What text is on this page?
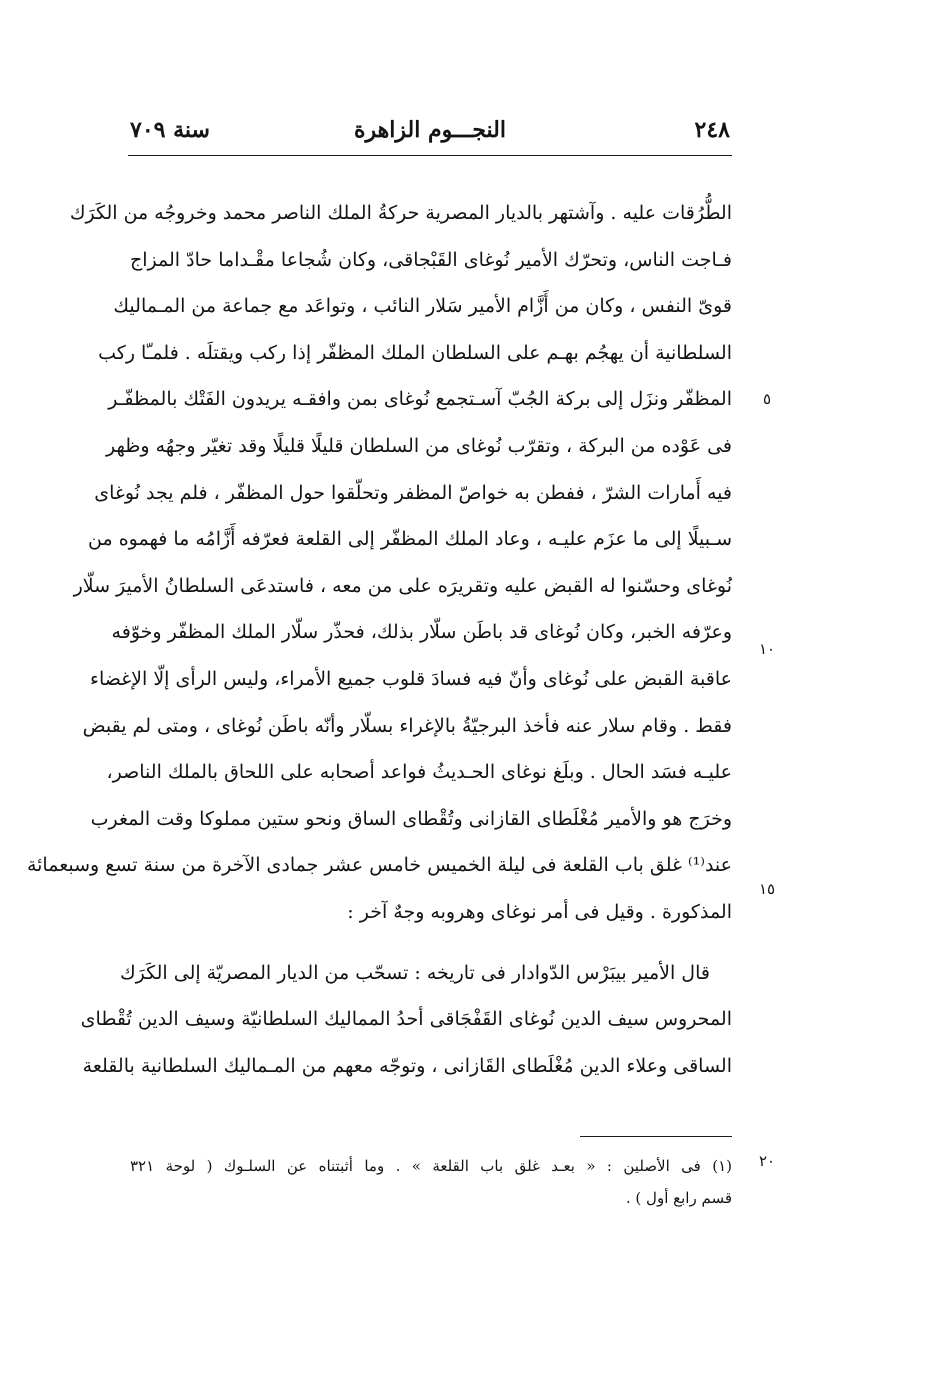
٢٤٨
النجـــوم الزاهرة
سنة ٧٠٩
الطُّرُقات عليه . وآشتهر بالديار المصرية حركةُ الملك الناصر محمد وخروجُه من الكَرَك
فـاجت الناس، وتحرّك الأمير نُوغاى القَبْجاقى، وكان شُجاعا مقْـداما حادّ المزاج
قوىّ النفس ، وكان من أَزَّام الأمير سَلار النائب ، وتواعَد مع جماعة من المـماليك
السلطانية أن يهجُم بهـم على السلطان الملك المظفّر إذا ركب ويقتلَه . فلمـّا ركب
المظفّر ونزَل إلى بركة الجُبّ آسـتجمع نُوغاى بمن وافقـه يريدون الفَتْك بالمظفّـر
فى عَوْده من البركة ، وتقرّب نُوغاى من السلطان قليلًا قليلًا وقد تغيّر وجهُه وظهر
فيه أَمارات الشرّ ، ففطن به خواصّ المظفر وتحلّقوا حول المظفّر ، فلم يجد نُوغاى
سـبيلًا إلى ما عزَم عليـه ، وعاد الملك المظفّر إلى القلعة فعرّفه أَزَّامُه ما فهموه من
نُوغاى وحسّنوا له القبض عليه وتقريرَه على من معه ، فاستدعَى السلطانُ الأميرَ سلّار
وعرّفه الخبر، وكان نُوغاى قد باطَن سلّار بذلك، فحذّر سلّار الملك المظفّر وخوّفه
عاقبة القبض على نُوغاى وأنّ فيه فسادَ قلوب جميع الأمراء، وليس الرأى إلّا الإغضاء
فقط . وقام سلار عنه فأخذ البرجيّةُ بالإغراء بسلّار وأنّه باطَن نُوغاى ، ومتى لم يقبض
عليـه فسَد الحال . وبلَغ نوغاى الحـديثُ فواعد أصحابه على اللحاق بالملك الناصر،
وخرَج هو والأمير مُغْلَطاى القازانى وتُقْطاى الساق ونحو ستين مملوكا وقت المغرب
عند⁽¹⁾ غلق باب القلعة فى ليلة الخميس خامس عشر جمادى الآخرة من سنة تسع وسبعمائة
المذكورة . وقيل فى أمر نوغاى وهروبه وجهٌ آخر :
قال الأمير بيبَرْس الدّوادار فى تاريخه : تسحّب من الديار المصريّة إلى الكَرَك
المحروس سيف الدين نُوغاى القَفْجَاقى أحدُ المماليك السلطانيّة وسيف الدين تُقْطاى
الساقى وعلاء الدين مُغْلَطاى القَازانى ، وتوجّه معهم من المـماليك السلطانية بالقلعة
٥
١٠
١٥
٢٠
(١) فى الأصلين : « بعـد غلق باب القلعة » . وما أثبتناه عن السلـوك ( لوحة ٣٢١
قسم رابع أول ) .
